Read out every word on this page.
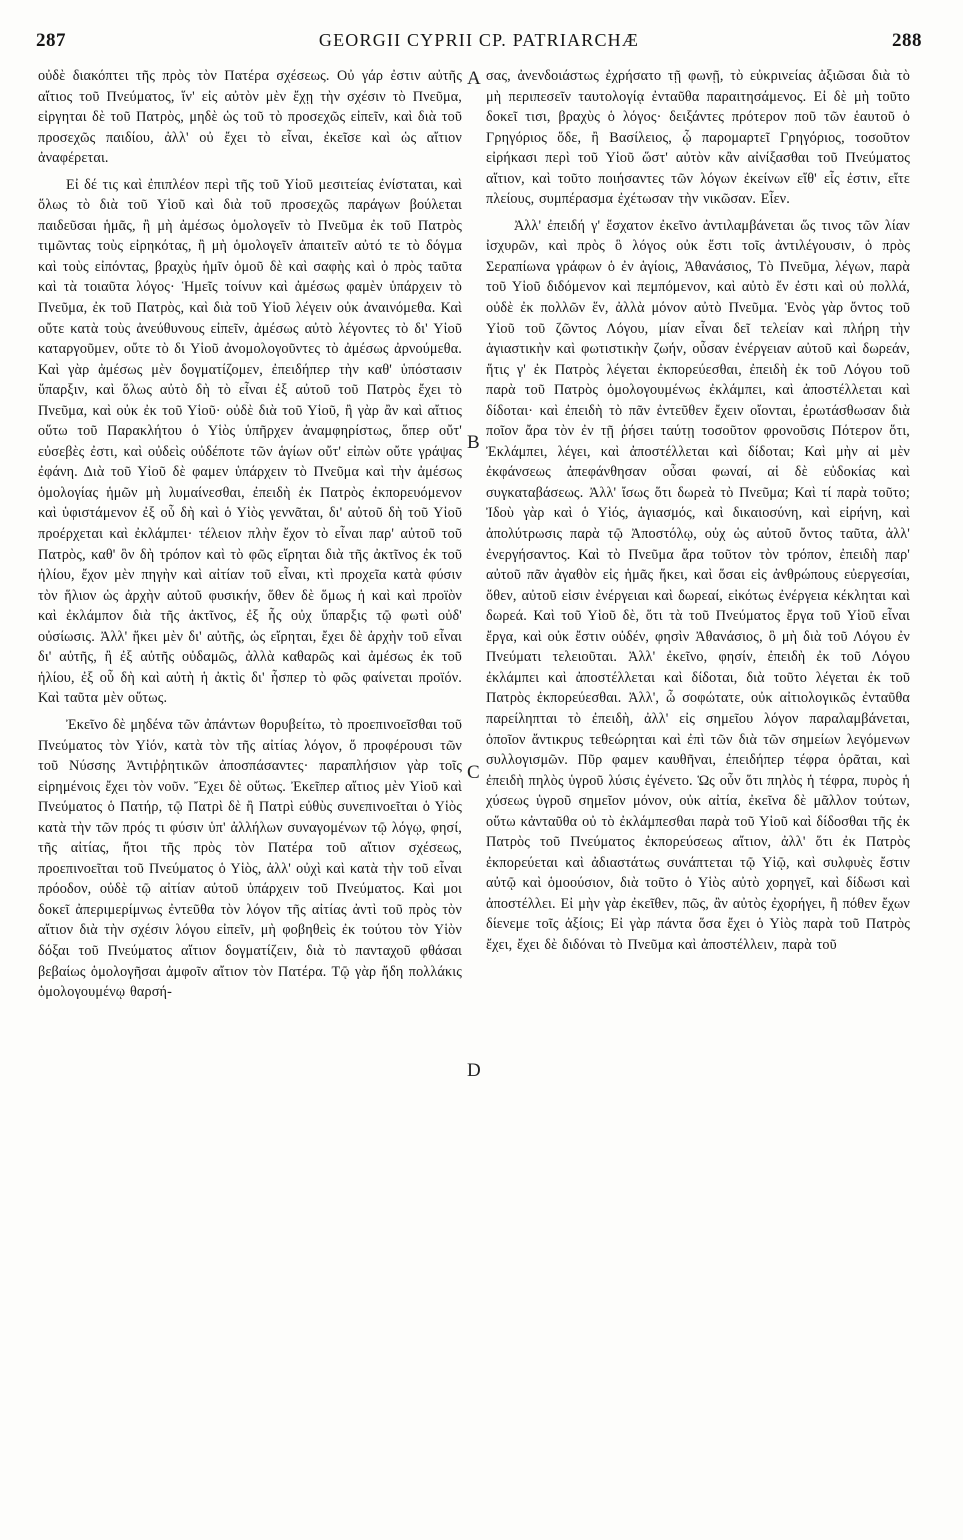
287	GEORGII CYPRII CP. PATRIARCHÆ	288

οὐδὲ διακόπτει τῆς πρὸς τὸν Πατέρα σχέσεως. Οὐ γάρ ἐστιν αὐτῆς αἴτιος τοῦ Πνεύματος, ἵν' εἰς αὐτὸν μὲν ἔχῃ τὴν σχέσιν τὸ Πνεῦμα, εἰργηται δὲ τοῦ Πατρὸς, μηδὲ ὡς τοῦ τὸ προσεχῶς εἰπεῖν, καὶ διὰ τοῦ προσεχῶς παιδίου, ἀλλ' οὐ ἔχει τὸ εἶναι, ἐκεῖσε καὶ ὡς αἴτιον ἀναφέρεται.

Εἰ δέ τις καὶ ἐπιπλέον περὶ τῆς τοῦ Υἱοῦ μεσιτείας ἐνίσταται, καὶ ὅλως τὸ διὰ τοῦ Υἱοῦ καὶ διὰ τοῦ προσεχῶς παράγων βούλεται παιδεῦσαι ἡμᾶς, ἢ μὴ ἀμέσως ὁμολογεῖν τὸ Πνεῦμα ἐκ τοῦ Πατρὸς τιμῶντας τοὺς εἰρηκότας, ἢ μὴ ὁμολογεῖν ἀπαιτεῖν αὐτό τε τὸ δόγμα καὶ τοὺς εἰπόντας, βραχὺς ἡμῖν ὁμοῦ δὲ καὶ σαφὴς καὶ ὁ πρὸς ταῦτα καὶ τὰ τοιαῦτα λόγος· Ἡμεῖς τοίνυν καὶ ἀμέσως φαμὲν ὑπάρχειν τὸ Πνεῦμα, ἐκ τοῦ Πατρὸς, καὶ διὰ τοῦ Υἱοῦ λέγειν οὐκ ἀναινόμεθα. Καὶ οὔτε κατὰ τοὺς ἀνεύθυνους εἰπεῖν, ἀμέσως αὐτὸ λέγοντες τὸ δι' Υἱοῦ καταργοῦμεν, οὔτε τὸ δι Υἱοῦ ἀνομολογοῦντες τὸ ἀμέσως ἀρνούμεθα. Καὶ γὰρ ἀμέσως μὲν δογματίζομεν, ἐπειδήπερ τὴν καθ' ὑπόστασιν ὕπαρξιν, καὶ ὅλως αὐτὸ δὴ τὸ εἶναι ἐξ αὐτοῦ τοῦ Πατρὸς ἔχει τὸ Πνεῦμα, καὶ οὐκ ἐκ τοῦ Υἱοῦ· οὐδὲ διὰ τοῦ Υἱοῦ, ἢ γὰρ ἂν καὶ αἴτιος οὕτω τοῦ Παρακλήτου ὁ Υἱὸς ὑπῆρχεν ἀναμφηρίστως, ὅπερ οὔτ' εὐσεβὲς ἐστι, καὶ οὐδεὶς οὐδέποτε τῶν ἁγίων οὔτ' εἰπὼν οὔτε γράψας ἐφάνη. Διὰ τοῦ Υἱοῦ δὲ φαμεν ὑπάρχειν τὸ Πνεῦμα καὶ τὴν ἀμέσως ὁμολογίας ἡμῶν μὴ λυμαίνεσθαι, ἐπειδὴ ἐκ Πατρὸς ἐκπορευόμενον καὶ ὑφιστάμενον ἐξ οὗ δὴ καὶ ὁ Υἱὸς γεννᾶται, δι' αὐτοῦ δὴ τοῦ Υἱοῦ προέρχεται καὶ ἐκλάμπει· τέλειον πλὴν ἔχον τὸ εἶναι παρ' αὐτοῦ τοῦ Πατρὸς, καθ' ὃν δὴ τρόπον καὶ τὸ φῶς εἴρηται διὰ τῆς ἀκτῖνος ἐκ τοῦ ἡλίου, ἔχον μὲν πηγὴν καὶ αἰτίαν τοῦ εἶναι, κτὶ προχεῖα κατὰ φύσιν τὸν ἥλιον ὡς ἀρχὴν αὐτοῦ φυσικήν, ὅθεν δὲ ὅμως ἡ καὶ καὶ προϊὸν καὶ ἐκλάμπον διὰ τῆς ἀκτῖνος, ἐξ ἧς οὐχ ὕπαρξις τῷ φωτὶ οὐδ' οὐσίωσις. Ἀλλ' ἥκει μὲν δι' αὐτῆς, ὡς εἴρηται, ἔχει δὲ ἀρχὴν τοῦ εἶναι δι' αὐτῆς, ἢ ἐξ αὐτῆς οὐδαμῶς, ἀλλὰ καθαρῶς καὶ ἀμέσως ἐκ τοῦ ἡλίου, ἐξ οὗ δὴ καὶ αὐτὴ ἡ ἀκτὶς δι' ἧσπερ τὸ φῶς φαίνεται προϊόν. Καὶ ταῦτα μὲν οὕτως.

Ἐκεῖνο δὲ μηδένα τῶν ἀπάντων θορυβείτω, τὸ προεπινοεῖσθαι τοῦ Πνεύματος τὸν Υἱόν, κατὰ τὸν τῆς αἰτίας λόγον, ὅ προφέρουσι τῶν τοῦ Νύσσης Ἀντιῤῥητικῶν ἀποσπάσαντες· παραπλήσιον γὰρ τοῖς εἰρημένοις ἔχει τὸν νοῦν. Ἔχει δὲ οὕτως. Ἐκεῖπερ αἴτιος μὲν Υἱοῦ καὶ Πνεύματος ὁ Πατήρ, τῷ Πατρὶ δὲ ἢ Πατρὶ εὐθὺς συνεπινοεῖται ὁ Υἱὸς κατὰ τὴν τῶν πρός τι φύσιν ὑπ' ἀλλήλων συναγομένων τῷ λόγῳ, φησί, τῆς αἰτίας, ἤτοι τῆς πρὸς τὸν Πατέρα τοῦ αἴτιον σχέσεως, προεπινοεῖται τοῦ Πνεύματος ὁ Υἱὸς, ἀλλ' οὐχὶ καὶ κατὰ τὴν τοῦ εἶναι πρόοδον, οὐδὲ τῷ αἰτίαν αὐτοῦ ὑπάρχειν τοῦ Πνεύματος. Καὶ μοι δοκεῖ ἀπεριμερίμνως ἐντεῦθα τὸν λόγον τῆς αἰτίας ἀντὶ τοῦ πρὸς τὸν αἴτιον διὰ τὴν σχέσιν λόγου εἰπεῖν, μὴ φοβηθεὶς ἐκ τούτου τὸν Υἱὸν δόξαι τοῦ Πνεύματος αἴτιον δογματίζειν, διὰ τὸ πανταχοῦ φθάσαι βεβαίως ὁμολογῆσαι ἀμφοῖν αἴτιον τὸν Πατέρα. Τῷ γὰρ ἤδη πολλάκις ὁμολογουμένῳ θαρσή-

σας, ἀνενδοιάστως ἐχρήσατο τῇ φωνῇ, τὸ εὐκρινείας ἀξιῶσαι διὰ τὸ μὴ περιπεσεῖν ταυτολογίᾳ ἐνταῦθα παραιτησάμενος. Εἰ δὲ μὴ τοῦτο δοκεῖ τισι, βραχὺς ὁ λόγος· δειξάντες πρότερον ποῦ τῶν ἑαυτοῦ ὁ Γρηγόριος ὅδε, ἢ Βασίλειος, ᾧ παρομαρτεῖ Γρηγόριος, τοσοῦτον εἰρήκασι περὶ τοῦ Υἱοῦ ὥστ' αὐτὸν κἂν αἰνίξασθαι τοῦ Πνεύματος αἴτιον, καὶ τοῦτο ποιήσαντες τῶν λόγων ἐκείνων εἴθ' εἷς ἐστιν, εἴτε πλείους, συμπέρασμα ἐχέτωσαν τὴν νικῶσαν. Εἶεν.

Ἀλλ' ἐπειδή γ' ἔσχατον ἐκεῖνο ἀντιλαμβάνεται ὥς τινος τῶν λίαν ἰσχυρῶν, καὶ πρὸς ὃ λόγος οὐκ ἔστι τοῖς ἀντιλέγουσιν, ὁ πρὸς Σεραπίωνα γράφων ὁ ἐν ἁγίοις, Ἀθανάσιος, Τὸ Πνεῦμα, λέγων, παρὰ τοῦ Υἱοῦ διδόμενον καὶ πεμπόμενον, καὶ αὐτὸ ἕν ἐστι καὶ οὐ πολλά, οὐδὲ ἐκ πολλῶν ἕν, ἀλλὰ μόνον αὐτὸ Πνεῦμα. Ἑνὸς γὰρ ὄντος τοῦ Υἱοῦ τοῦ ζῶντος Λόγου, μίαν εἶναι δεῖ τελείαν καὶ πλήρη τὴν ἁγιαστικὴν καὶ φωτιστικὴν ζωήν, οὖσαν ἐνέργειαν αὐτοῦ καὶ δωρεάν, ἥτις γ' ἐκ Πατρὸς λέγεται ἐκπορεύεσθαι, ἐπειδὴ ἐκ τοῦ Λόγου τοῦ παρὰ τοῦ Πατρὸς ὁμολογουμένως ἐκλάμπει, καὶ ἀποστέλλεται καὶ δίδοται· καὶ ἐπειδὴ τὸ πᾶν ἐντεῦθεν ἔχειν οἴονται, ἐρωτάσθωσαν διὰ ποῖον ἄρα τὸν ἐν τῇ ῥήσει ταύτῃ τοσοῦτον φρονοῦσις Πότερον ὅτι, Ἐκλάμπει, λέγει, καὶ ἀποστέλλεται καὶ δίδοται; Καὶ μὴν αἱ μὲν ἐκφάνσεως ἀπεφάνθησαν οὖσαι φωναί, αἱ δὲ εὐδοκίας καὶ συγκαταβάσεως. Ἀλλ' ἴσως ὅτι δωρεὰ τὸ Πνεῦμα; Καὶ τί παρὰ τοῦτο; Ἰδοὺ γὰρ καὶ ὁ Υἱός, ἁγιασμός, καὶ δικαιοσύνη, καὶ εἰρήνη, καὶ ἀπολύτρωσις παρὰ τῷ Ἀποστόλῳ, οὐχ ὡς αὐτοῦ ὄντος ταῦτα, ἀλλ' ἐνεργήσαντος. Καὶ τὸ Πνεῦμα ἄρα τοῦτον τὸν τρόπον, ἐπειδὴ παρ' αὐτοῦ πᾶν ἀγαθὸν εἰς ἡμᾶς ἥκει, καὶ ὅσαι εἰς ἀνθρώπους εὐεργεσίαι, ὅθεν, αὐτοῦ εἰσιν ἐνέργειαι καὶ δωρεαί, εἰκότως ἐνέργεια κέκληται καὶ δωρεά. Καὶ τοῦ Υἱοῦ δὲ, ὅτι τὰ τοῦ Πνεύματος ἔργα τοῦ Υἱοῦ εἶναι ἔργα, καὶ οὐκ ἔστιν οὐδέν, φησὶν Ἀθανάσιος, ὃ μὴ διὰ τοῦ Λόγου ἐν Πνεύματι τελειοῦται. Ἀλλ' ἐκεῖνο, φησίν, ἐπειδὴ ἐκ τοῦ Λόγου ἐκλάμπει καὶ ἀποστέλλεται καὶ δίδοται, διὰ τοῦτο λέγεται ἐκ τοῦ Πατρὸς ἐκπορεύεσθαι. Ἀλλ', ὦ σοφώτατε, οὐκ αἰτιολογικῶς ἐνταῦθα παρείληπται τὸ ἐπειδὴ, ἀλλ' εἰς σημεῖου λόγον παραλαμβάνεται, ὁποῖον ἄντικρυς τεθεώρηται καὶ ἐπὶ τῶν διὰ τῶν σημείων λεγόμενων συλλογισμῶν. Πῦρ φαμεν καυθῆναι, ἐπειδήπερ τέφρα ὁρᾶται, καὶ ἐπειδὴ πηλὸς ὑγροῦ λύσις ἐγένετο. Ὡς οὖν ὅτι πηλὸς ἡ τέφρα, πυρὸς ἡ χύσεως ὑγροῦ σημεῖον μόνον, οὐκ αἰτία, ἐκεῖνα δὲ μᾶλλον τούτων, οὕτω κἀνταῦθα οὐ τὸ ἐκλάμπεσθαι παρὰ τοῦ Υἱοῦ καὶ δίδοσθαι τῆς ἐκ Πατρὸς τοῦ Πνεύματος ἐκπορεύσεως αἴτιον, ἀλλ' ὅτι ἐκ Πατρὸς ἐκπορεύεται καὶ ἀδιαστάτως συνάπτεται τῷ Υἱῷ, καὶ συλφυὲς ἔστιν αὐτῷ καὶ ὁμοούσιον, διὰ τοῦτο ὁ Υἱὸς αὐτὸ χορηγεῖ, καὶ δίδωσι καὶ ἀποστέλλει. Εἰ μὴν γὰρ ἐκεῖθεν, πῶς, ἂν αὐτὸς ἐχορήγει, ἢ πόθεν ἔχων δίενεμε τοῖς ἀξίοις; Εἰ γὰρ πάντα ὅσα ἔχει ὁ Υἱὸς παρὰ τοῦ Πατρὸς ἔχει, ἔχει δὲ διδόναι τὸ Πνεῦμα καὶ ἀποστέλλειν, παρὰ τοῦ

A
B
C
D
